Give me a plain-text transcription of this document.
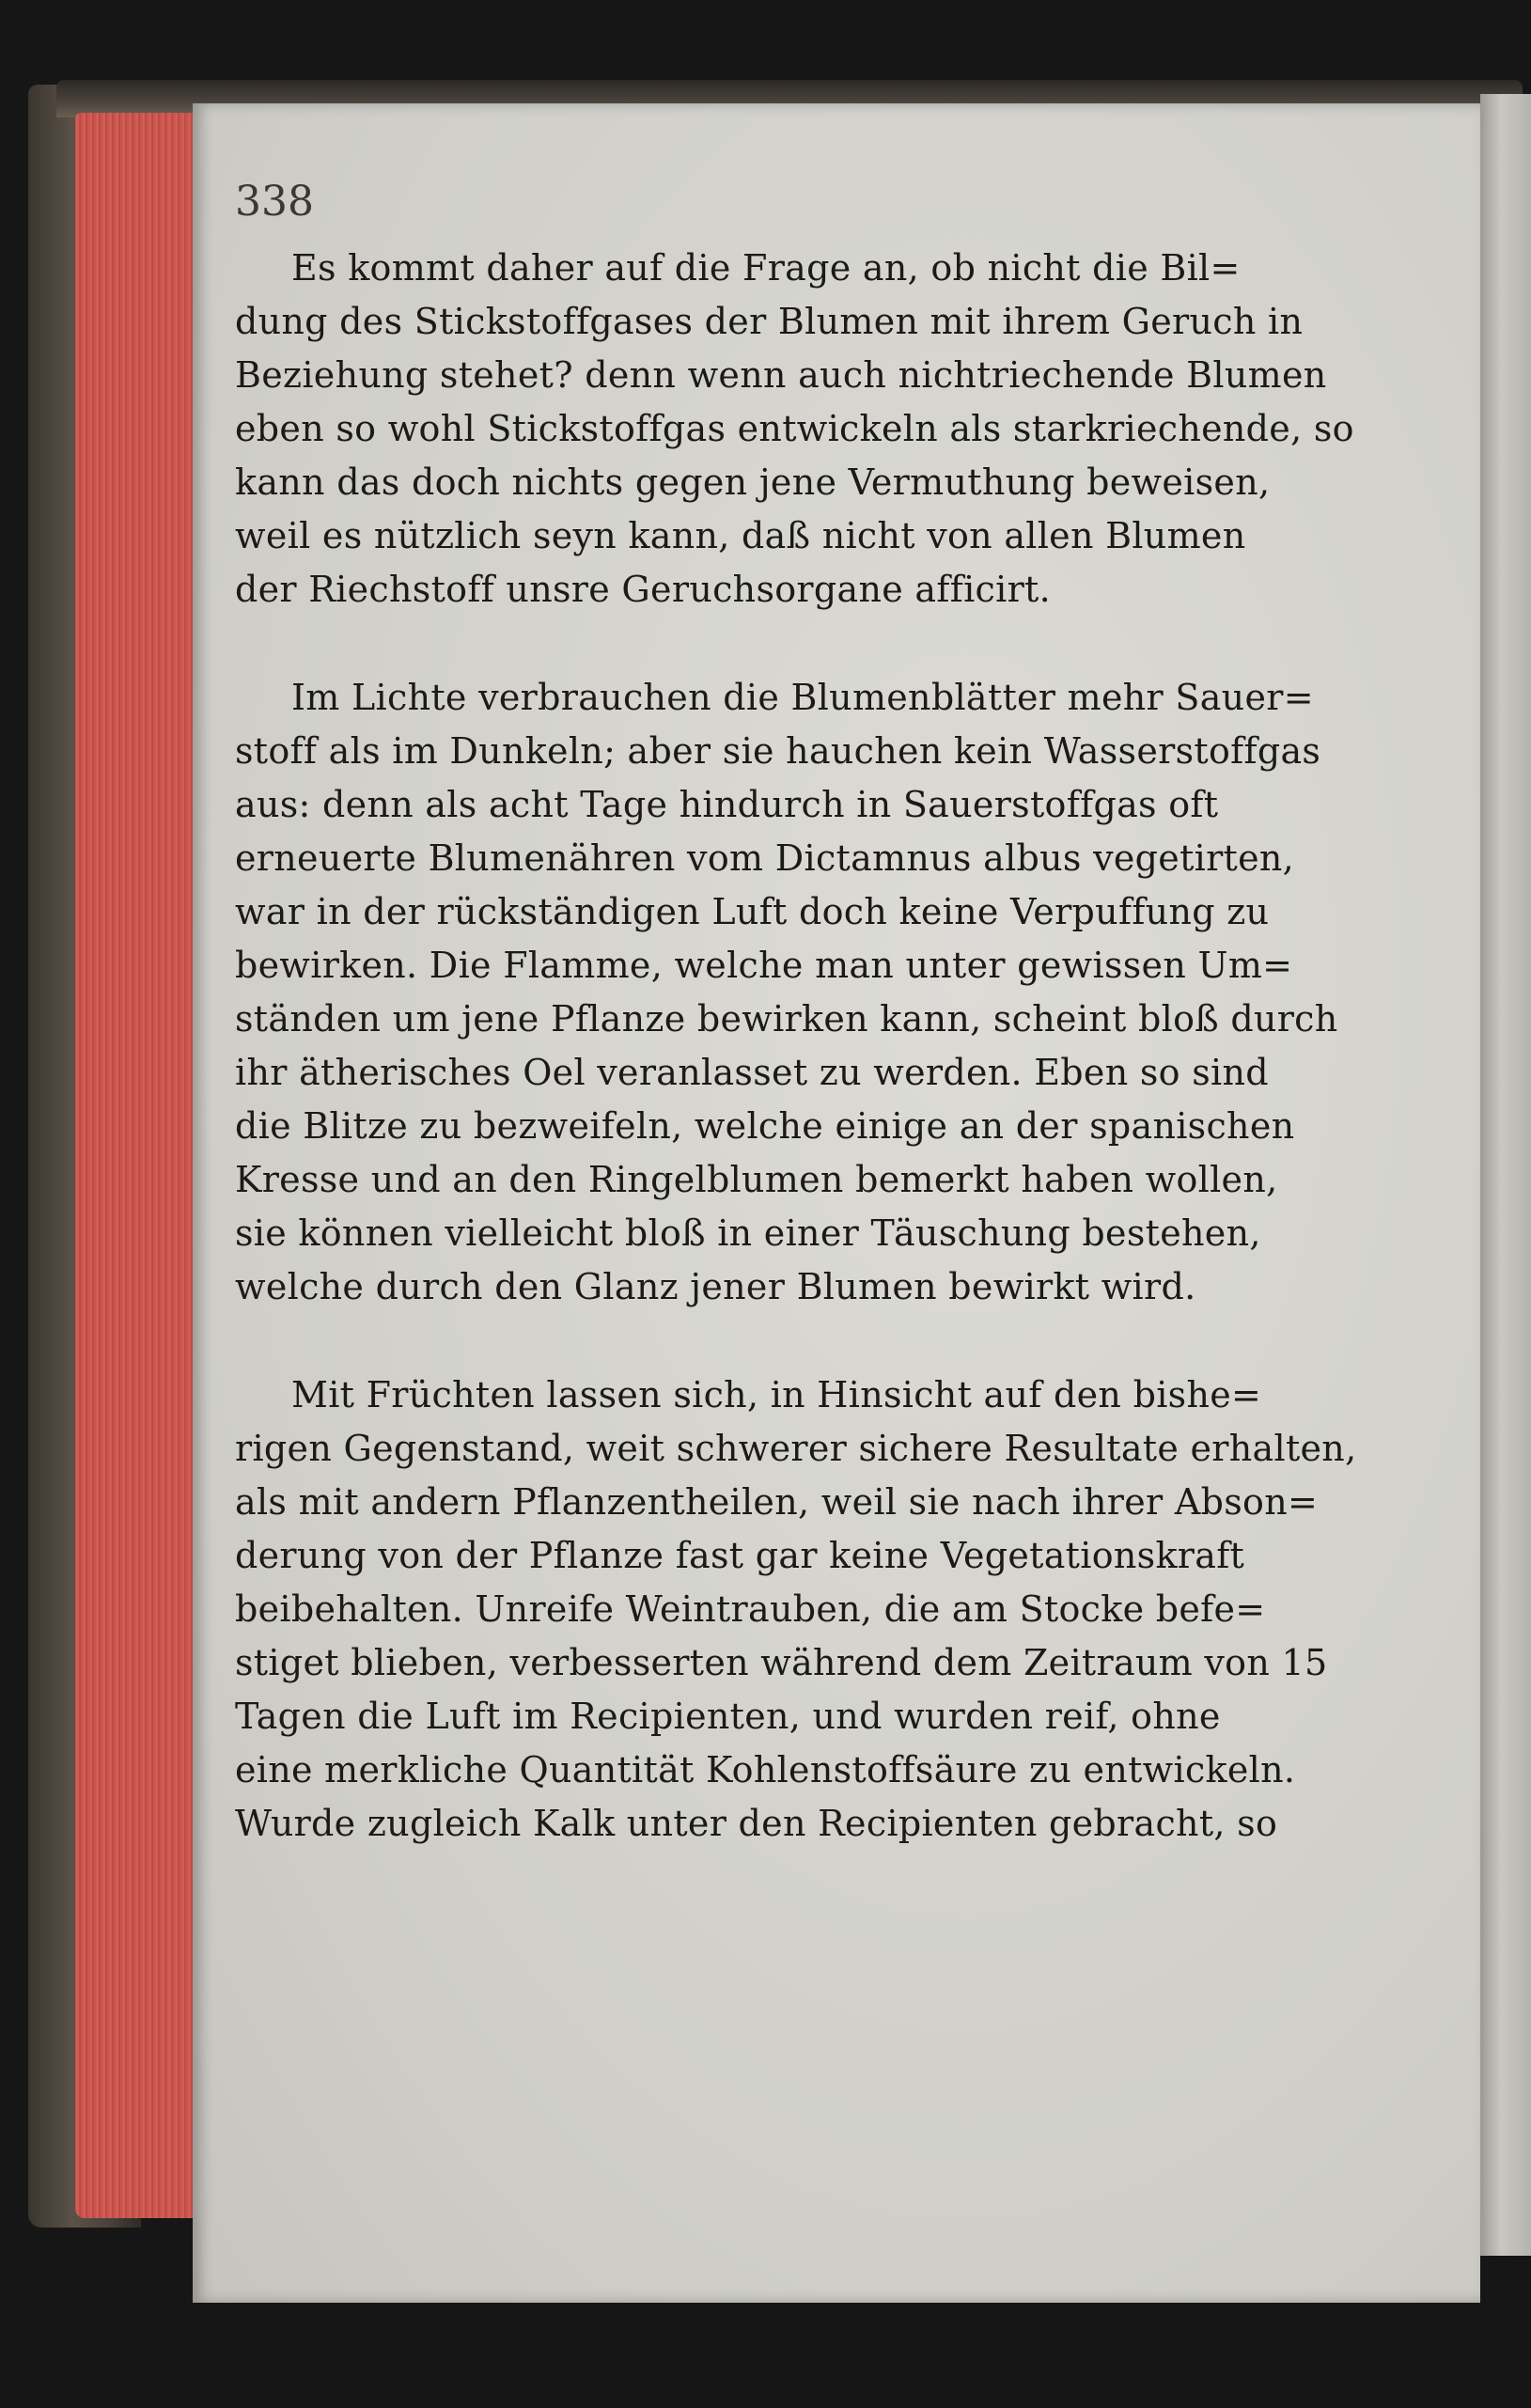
338
Es kommt daher auf die Frage an, ob nicht die Bil=
dung des Stickstoffgases der Blumen mit ihrem Geruch in
Beziehung stehet? denn wenn auch nichtriechende Blumen
eben so wohl Stickstoffgas entwickeln als starkriechende, so
kann das doch nichts gegen jene Vermuthung beweisen,
weil es nützlich seyn kann, daß nicht von allen Blumen
der Riechstoff unsre Geruchsorgane afficirt.
Im Lichte verbrauchen die Blumenblätter mehr Sauer=
stoff als im Dunkeln; aber sie hauchen kein Wasserstoffgas
aus: denn als acht Tage hindurch in Sauerstoffgas oft
erneuerte Blumenähren vom Dictamnus albus vegetirten,
war in der rückständigen Luft doch keine Verpuffung zu
bewirken. Die Flamme, welche man unter gewissen Um=
ständen um jene Pflanze bewirken kann, scheint bloß durch
ihr ätherisches Oel veranlasset zu werden. Eben so sind
die Blitze zu bezweifeln, welche einige an der spanischen
Kresse und an den Ringelblumen bemerkt haben wollen,
sie können vielleicht bloß in einer Täuschung bestehen,
welche durch den Glanz jener Blumen bewirkt wird.
Mit Früchten lassen sich, in Hinsicht auf den bishe=
rigen Gegenstand, weit schwerer sichere Resultate erhalten,
als mit andern Pflanzentheilen, weil sie nach ihrer Abson=
derung von der Pflanze fast gar keine Vegetationskraft
beibehalten. Unreife Weintrauben, die am Stocke befe=
stiget blieben, verbesserten während dem Zeitraum von 15
Tagen die Luft im Recipienten, und wurden reif, ohne
eine merkliche Quantität Kohlenstoffsäure zu entwickeln.
Wurde zugleich Kalk unter den Recipienten gebracht, so
